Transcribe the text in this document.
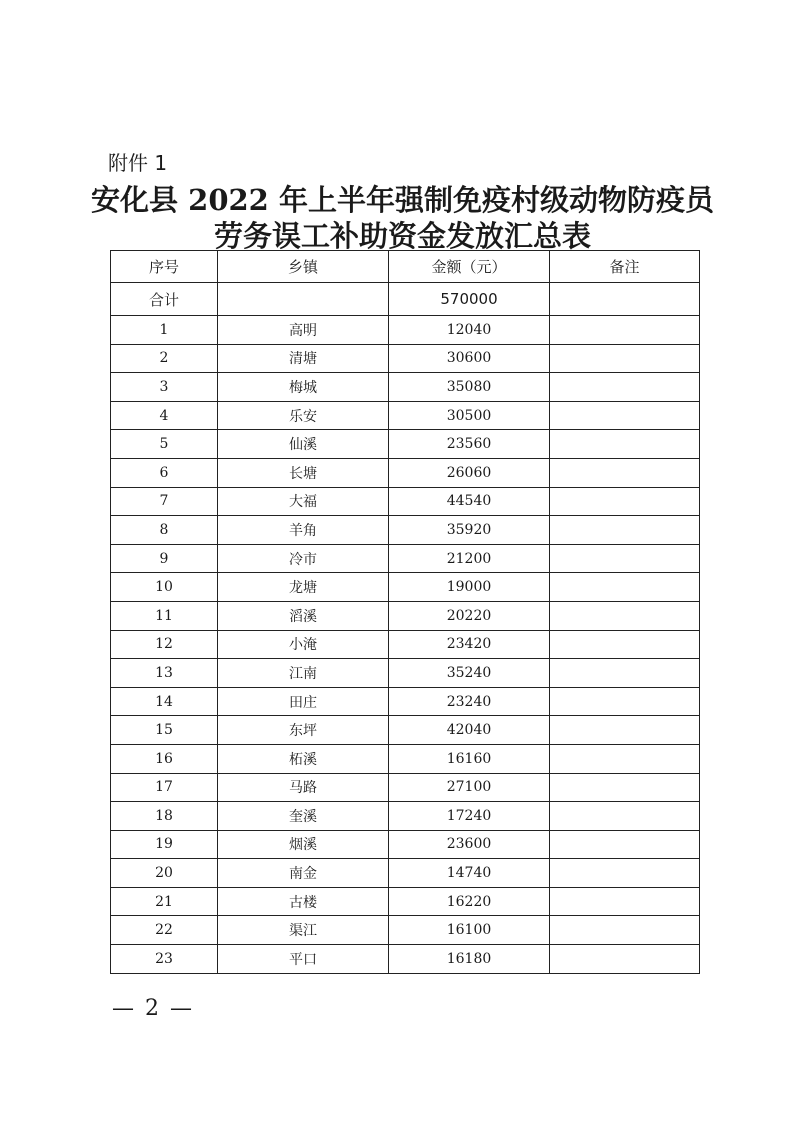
附件 1
安化县 2022 年上半年强制免疫村级动物防疫员
劳务误工补助资金发放汇总表
序号	乡镇	金额（元）	备注
合计		570000	
1	高明	12040	
2	清塘	30600	
3	梅城	35080	
4	乐安	30500	
5	仙溪	23560	
6	长塘	26060	
7	大福	44540	
8	羊角	35920	
9	冷市	21200	
10	龙塘	19000	
11	滔溪	20220	
12	小淹	23420	
13	江南	35240	
14	田庄	23240	
15	东坪	42040	
16	柘溪	16160	
17	马路	27100	
18	奎溪	17240	
19	烟溪	23600	
20	南金	14740	
21	古楼	16220	
22	渠江	16100	
23	平口	16180	
— 2 —
